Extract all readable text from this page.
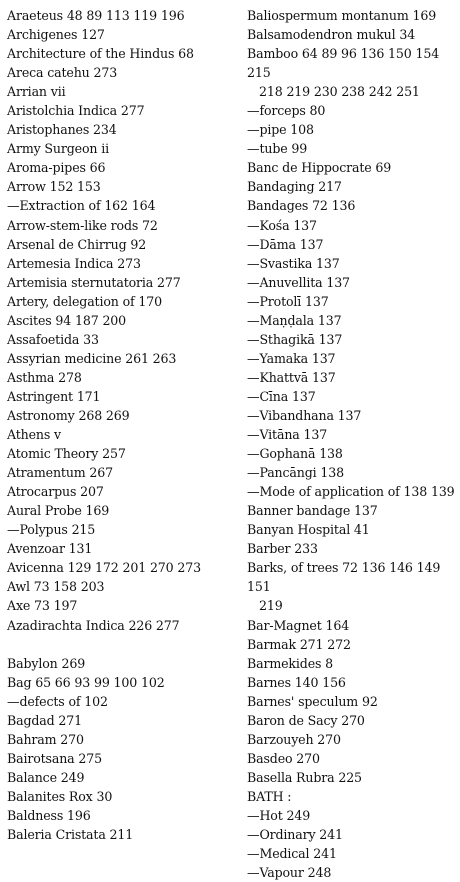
Araeteus 48 89 113 119 196
Archigenes 127
Architecture of the Hindus 68
Areca catehu 273
Arrian vii
Aristolchia Indica 277
Aristophanes 234
Army Surgeon ii
Aroma-pipes 66
Arrow 152 153
—Extraction of 162 164
Arrow-stem-like rods 72
Arsenal de Chirrug 92
Artemesia Indica 273
Artemisia sternutatoria 277
Artery, delegation of 170
Ascites 94 187 200
Assafoetida 33
Assyrian medicine 261 263
Asthma 278
Astringent 171
Astronomy 268 269
Athens v
Atomic Theory 257
Atramentum 267
Atrocarpus 207
Aural Probe 169
—Polypus 215
Avenzoar 131
Avicenna 129 172 201 270 273
Awl 73 158 203
Axe 73 197
Azadirachta Indica 226 277
Babylon 269
Bag 65 66 93 99 100 102
—defects of 102
Bagdad 271
Bahram 270
Bairotsana 275
Balance 249
Balanites Rox 30
Baldness 196
Baleria Cristata 211
Baliospermum montanum 169
Balsamodendron mukul 34
Bamboo 64 89 96 136 150 154 215
218 219 230 238 242 251
—forceps 80
—pipe 108
—tube 99
Banc de Hippocrate 69
Bandaging 217
Bandages 72 136
—Kośa 137
—Dāma 137
—Svastika 137
—Anuvellita 137
—Protolī 137
—Maṇḍala 137
—Sthagikā 137
—Yamaka 137
—Khattvā 137
—Cīna 137
—Vibandhana 137
—Vitāna 137
—Gophanā 138
—Pancāngi 138
—Mode of application of 138 139
Banner bandage 137
Banyan Hospital 41
Barber 233
Barks, of trees 72 136 146 149 151
219
Bar-Magnet 164
Barmak 271 272
Barmekides 8
Barnes 140 156
Barnes' speculum 92
Baron de Sacy 270
Barzouyeh 270
Basdeo 270
Basella Rubra 225
BATH :
—Hot 249
—Ordinary 241
—Medical 241
—Vapour 248
